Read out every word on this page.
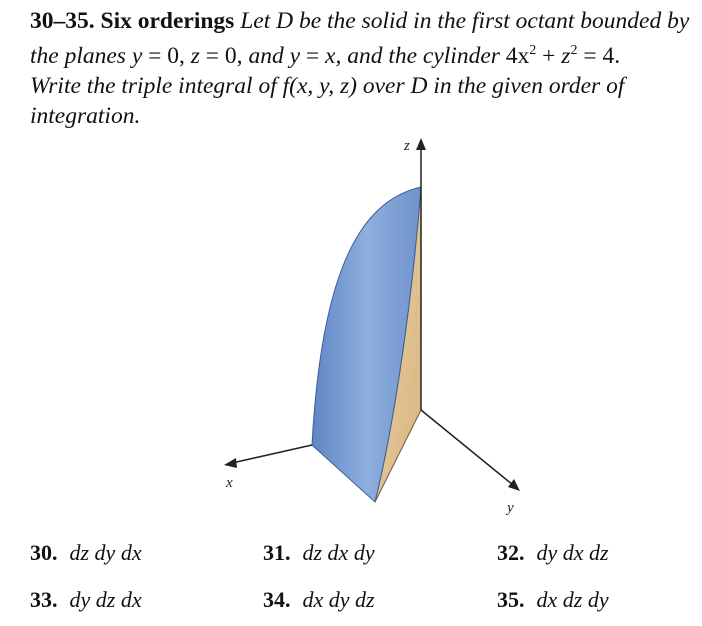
30–35. Six orderings Let D be the solid in the first octant bounded by
the planes y = 0, z = 0, and y = x, and the cylinder $4x^2 + z^2 = 4$.
Write the triple integral of f(x, y, z) over D in the given order of
integration.
z
x
y
30. dz dy dx	31. dz dx dy	32. dy dx dz
33. dy dz dx	34. dx dy dz	35. dx dz dy
